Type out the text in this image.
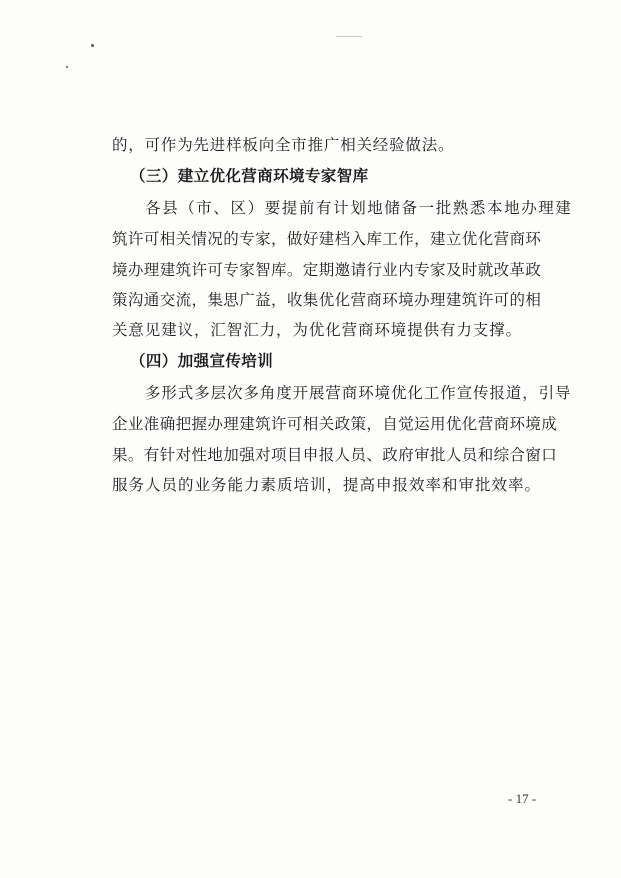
的，可作为先进样板向全市推广相关经验做法。
（三）建立优化营商环境专家智库
各县（市、区）要提前有计划地储备一批熟悉本地办理建
筑许可相关情况的专家，做好建档入库工作，建立优化营商环
境办理建筑许可专家智库。定期邀请行业内专家及时就改革政
策沟通交流，集思广益，收集优化营商环境办理建筑许可的相
关意见建议，汇智汇力，为优化营商环境提供有力支撑。
（四）加强宣传培训
多形式多层次多角度开展营商环境优化工作宣传报道，引导
企业准确把握办理建筑许可相关政策，自觉运用优化营商环境成
果。有针对性地加强对项目申报人员、政府审批人员和综合窗口
服务人员的业务能力素质培训，提高申报效率和审批效率。
- 17 -
